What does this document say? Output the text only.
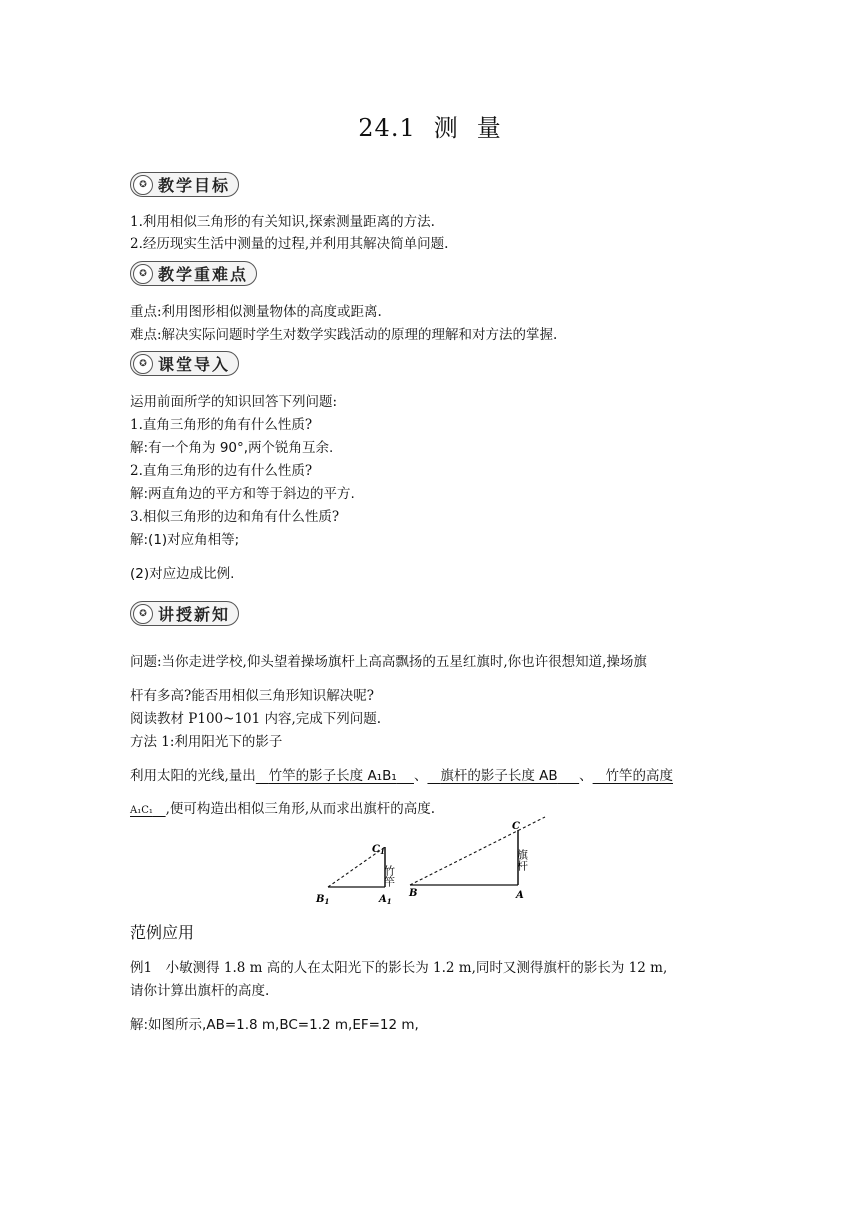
24.1 测 量
✪ 教学目标
1.利用相似三角形的有关知识,探索测量距离的方法.
2.经历现实生活中测量的过程,并利用其解决简单问题.
✪ 教学重难点
重点:利用图形相似测量物体的高度或距离.
难点:解决实际问题时学生对数学实践活动的原理的理解和对方法的掌握.
✪ 课堂导入
运用前面所学的知识回答下列问题:
1.直角三角形的角有什么性质?
解:有一个角为 90°,两个锐角互余.
2.直角三角形的边有什么性质?
解:两直角边的平方和等于斜边的平方.
3.相似三角形的边和角有什么性质?
解:(1)对应角相等;
(2)对应边成比例.
✪ 讲授新知
问题:当你走进学校,仰头望着操场旗杆上高高飘扬的五星红旗时,你也许很想知道,操场旗
杆有多高?能否用相似三角形知识解决呢?
阅读教材 P100~101 内容,完成下列问题.
方法 1:利用阳光下的影子
利用太阳的光线,量出 竹竿的影子长度 A₁B₁ 、 旗杆的影子长度 AB 、 竹竿的高度
A₁C₁ ,便可构造出相似三角形,从而求出旗杆的高度.
$C_1$
$B_1$	$A_1$
竹竿
C
B	A
旗杆
范例应用
例1　小敏测得 1.8 m 高的人在太阳光下的影长为 1.2 m,同时又测得旗杆的影长为 12 m,
请你计算出旗杆的高度.
解:如图所示,AB=1.8 m,BC=1.2 m,EF=12 m,
